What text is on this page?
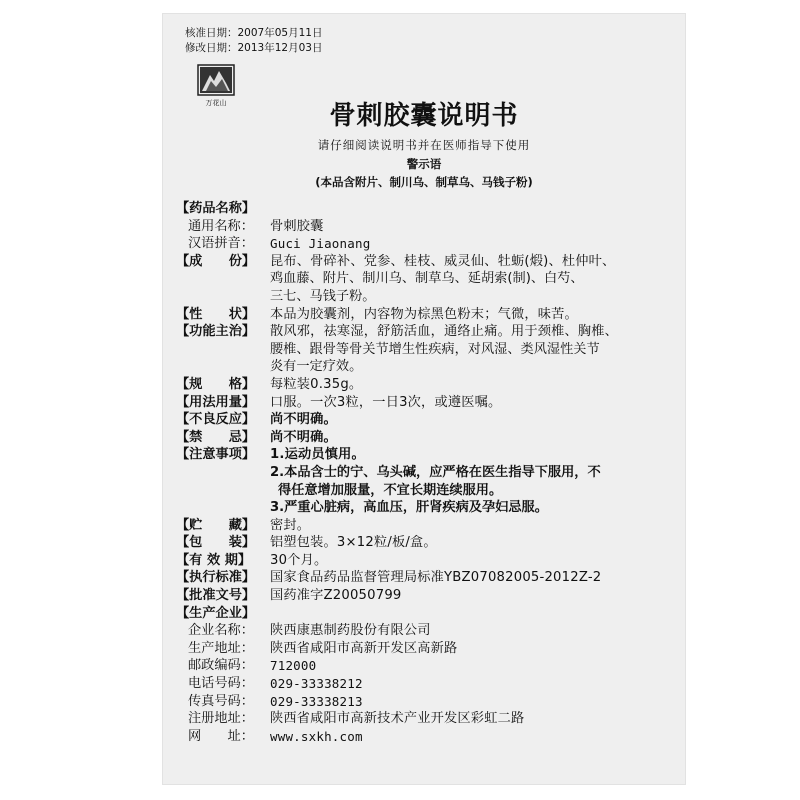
核准日期：2007年05月11日
修改日期：2013年12月03日
万花山	骨刺胶囊说明书
请仔细阅读说明书并在医师指导下使用
警示语
(本品含附片、制川乌、制草乌、马钱子粉)
【药品名称】
通用名称：	骨刺胶囊
汉语拼音：	Guci Jiaonang
【成　　份】	昆布、骨碎补、党参、桂枝、威灵仙、牡蛎(煅)、杜仲叶、
鸡血藤、附片、制川乌、制草乌、延胡索(制)、白芍、
三七、马钱子粉。
【性　　状】	本品为胶囊剂，内容物为棕黑色粉末；气微，味苦。
【功能主治】	散风邪，祛寒湿，舒筋活血，通络止痛。用于颈椎、胸椎、
腰椎、跟骨等骨关节增生性疾病，对风湿、类风湿性关节
炎有一定疗效。
【规　　格】	每粒装0.35g。
【用法用量】	口服。一次3粒，一日3次，或遵医嘱。
【不良反应】	尚不明确。
【禁　　忌】	尚不明确。
【注意事项】	1.运动员慎用。
2.本品含士的宁、乌头碱，应严格在医生指导下服用，不
得任意增加服量，不宜长期连续服用。
3.严重心脏病，高血压，肝肾疾病及孕妇忌服。
【贮　　藏】	密封。
【包　　装】	铝塑包装。3×12粒/板/盒。
【有 效 期】	30个月。
【执行标准】	国家食品药品监督管理局标准YBZ07082005-2012Z-2
【批准文号】	国药准字Z20050799
【生产企业】
企业名称：	陕西康惠制药股份有限公司
生产地址：	陕西省咸阳市高新开发区高新路
邮政编码：	712000
电话号码：	029-33338212
传真号码：	029-33338213
注册地址：	陕西省咸阳市高新技术产业开发区彩虹二路
网　　址：	www.sxkh.com
